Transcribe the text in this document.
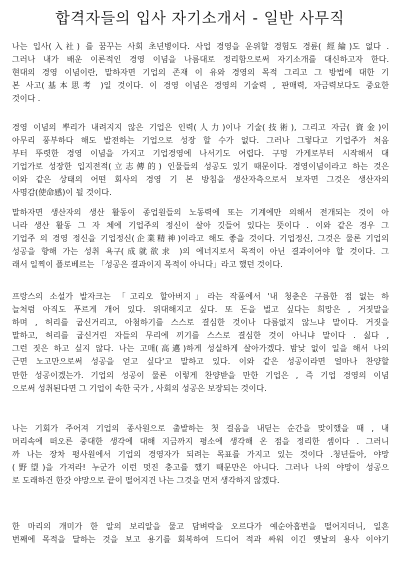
합격자들의 입사 자기소개서 - 일반 사무직
나는 입사(入社) 를 꿈꾸는 사회 초년병이다. 사업 경영을 운위할 경험도 경륜( 經綸)도 없다 .
그러나 내가 배운 이론적인 경영 이념을 나름대로 정리함으로써 자기소개를 대신하고자 한다.
현대의 경영 이념이란, 말하자면 기업의 존재 이 유와 경영의 목적 그리고 그 방법에 대한 기
본 사고(基本思考 )일 것이다. 이 경영 이념은 경영의 기술력 , 판매력, 자금력보다도 중요한
것이다 .
경영 이념의 뿌리가 내려지지 않은 기업은 인력(人力)이나 기술(技術), 그리고 자금( 資金)이
아무리 풍부하다 해도 발전하는 기업으로 성장 할 수가 없다. 그러나 그렇다고 기업주가 처음
부터 뚜렷한 경영 이념을 가지고 기업경영에 나서기도 어렵다. 구멍 가게로부터 시작해서 대
기업가로 성장한 입지전적(立志傳的) 인물들의 성공도 있기 때문이다. 경영이념이라고 하는 것은
이와 같은 상태의 어떤 회사의 경영 기 본 방침을 생산자측으로서 보자면 그것은 생산자의
사명감(使命感)이 될 것이다.
말하자면 생산자의 생산 활동이 종업원들의 노동력에 또는 기계에만 의해서 전개되는 것이 아
니라 생산 활동 그 자 체에 기업주의 정신이 살아 깃들어 있다는 뜻이다 . 이와 같은 경우 그
기업주 의 경영 정신을 기업정신(企業精神)이라고 해도 좋을 것이다. 기업정신, 그것은 물론 기업의
성공을 향해 가는 성취 욕구(成就欲求 )의 에너지로서 목적이 아닌 결과이어야 할 것이다. 그
래서 일찍이 플로베르는 「성공은 결과이지 목적이 아니다」라고 했던 것이다.
프랑스의 소설가 발자크는 「고리오 할아버지」라는 작품에서 '내 청춘은 구름한 점 없는 하
늘처럼 아직도 푸르게 개어 있다. 위대해지고 싶다. 또 돈을 벌고 싶다는 희망은 , 거짓말을
하며 , 허리를 굽신거리고, 아첨하기를 스스로 결심한 것이나 다름없지 않느냐 말이다. 거짓을
말하고, 허리를 굽신거린 자들의 무리에 끼기를 스스로 결심한 것이 아니냐 말이다 . 싫다 ,
그런 짓은 하고 싶지 않다. 나는 고매(高邁)하게 성실하게 살아가겠다. 밤낮 없이 일을 해서 나의
근면 노고만으로써 성공을 얻고 싶다'고 말하고 있다. 이와 같은 성공이라면 얼마나 찬양할
만한 성공이겠는가. 기업의 성공이 물론 이렇게 찬양받을 만한 기업은 , 즉 기업 경영의 이념
으로써 성취된다면 그 기업이 속한 국가 , 사회의 성공은 보장되는 것이다.
나는 기회가 주어져 기업의 종사원으로 출발하는 첫 걸음을 내딛는 순간을 맞이했을 때 , 내
머리속에 떠오른 중대한 생각에 대해 지금까지 평소에 생각해 온 점을 정리한 셈이다 . 그러니
까 나는 장차 평사원에서 기업의 경영자가 되려는 목표를 가지고 있는 것이다 .청년들아, 야망
(野望)을 가져라! 누군가 이런 멋진 충고를 했기 때문만은 아니다. 그러나 나의 야망이 성공으
로 도래하건 한갓 야망으로 끝이 떨어지건 나는 그것을 먼저 생각하지 않겠다.
한 마리의 개미가 한 알의 보리알을 물고 담벼락을 오르다가 예순아홉번을 떨어지더니, 일흔
번째에 목적을 달하는 것을 보고 용기를 회복하여 드디어 적과 싸워 이긴 옛날의 용사 이야기
